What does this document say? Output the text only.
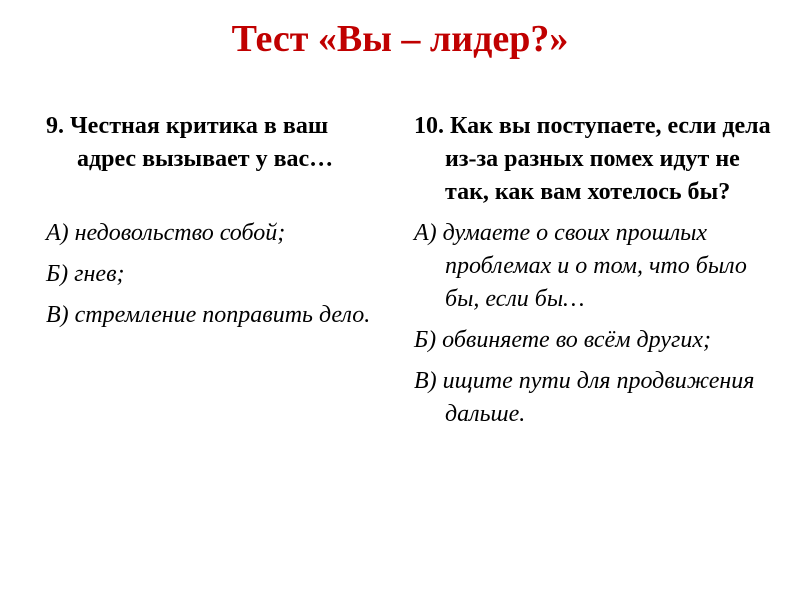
Тест «Вы – лидер?»

9. Честная критика в ваш адрес вызывает у вас…

А) недовольство собой;

Б) гнев;

В) стремление поправить дело.

10. Как вы поступаете, если дела из-за разных помех идут не так, как вам хотелось бы?

А) думаете о своих прошлых проблемах и о том, что было бы, если бы…

Б) обвиняете во всём других;

В) ищите пути для продвижения дальше.
